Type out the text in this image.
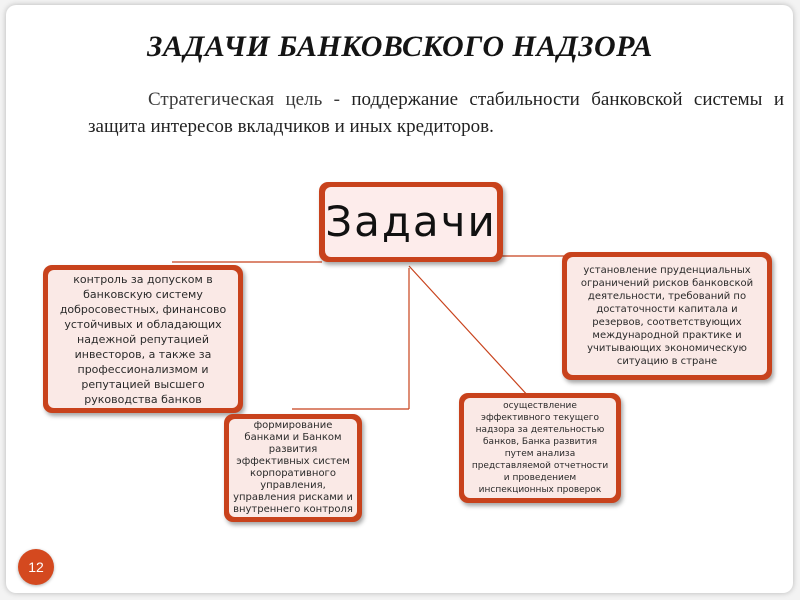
ЗАДАЧИ БАНКОВСКОГО НАДЗОРА
Стратегическая цель - поддержание стабильности банковской системы и защита интересов вкладчиков и иных кредиторов.
Задачи
контроль за допуском в банковскую систему добросовестных, финансово устойчивых и обладающих надежной репутацией инвесторов, а также за профессионализмом и репутацией высшего руководства банков
установление пруденциальных ограничений рисков банковской деятельности, требований по достаточности капитала и резервов, соответствующих международной практике и учитывающих экономическую ситуацию в стране
формирование банками и Банком развития эффективных систем корпоративного управления, управления рисками и внутреннего контроля
осуществление эффективного текущего надзора за деятельностью банков, Банка развития путем анализа представляемой отчетности и проведением инспекционных проверок
12
